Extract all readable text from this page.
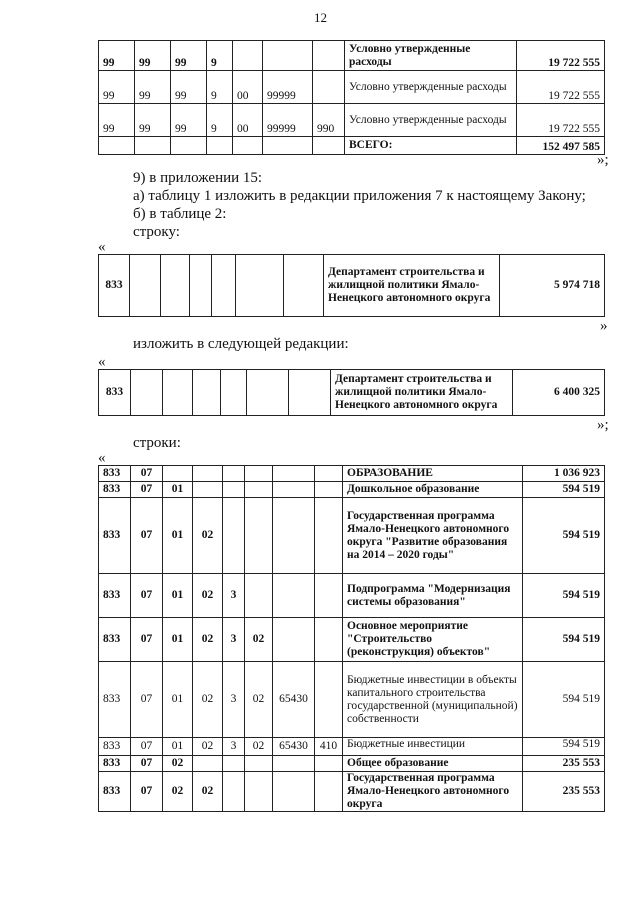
12
99	99	99	9				Условно утвержденные расходы	19 722 555
99	99	99	9	00	99999		Условно утвержденные расходы	19 722 555
99	99	99	9	00	99999	990	Условно утвержденные расходы	19 722 555
							ВСЕГО:	152 497 585
»;
9) в приложении 15:
а) таблицу 1 изложить в редакции приложения 7 к настоящему Закону;
б) в таблице 2:
строку:
«
833							Департамент строительства и жилищной политики Ямало-Ненецкого автономного округа	5 974 718
»
изложить в следующей редакции:
«
833							Департамент строительства и жилищной политики Ямало-Ненецкого автономного округа	6 400 325
»;
строки:
«
833	07							ОБРАЗОВАНИЕ	1 036 923
833	07	01						Дошкольное образование	594 519
833	07	01	02					Государственная программа Ямало-Ненецкого автономного округа "Развитие образования на 2014 – 2020 годы"	594 519
833	07	01	02	3				Подпрограмма "Модернизация системы образования"	594 519
833	07	01	02	3	02			Основное мероприятие "Строительство (реконструкция) объектов"	594 519
833	07	01	02	3	02	65430		Бюджетные инвестиции в объекты капитального строительства государственной (муниципальной) собственности	594 519
833	07	01	02	3	02	65430	410	Бюджетные инвестиции	594 519
833	07	02						Общее образование	235 553
833	07	02	02					Государственная программа Ямало-Ненецкого автономного округа	235 553
